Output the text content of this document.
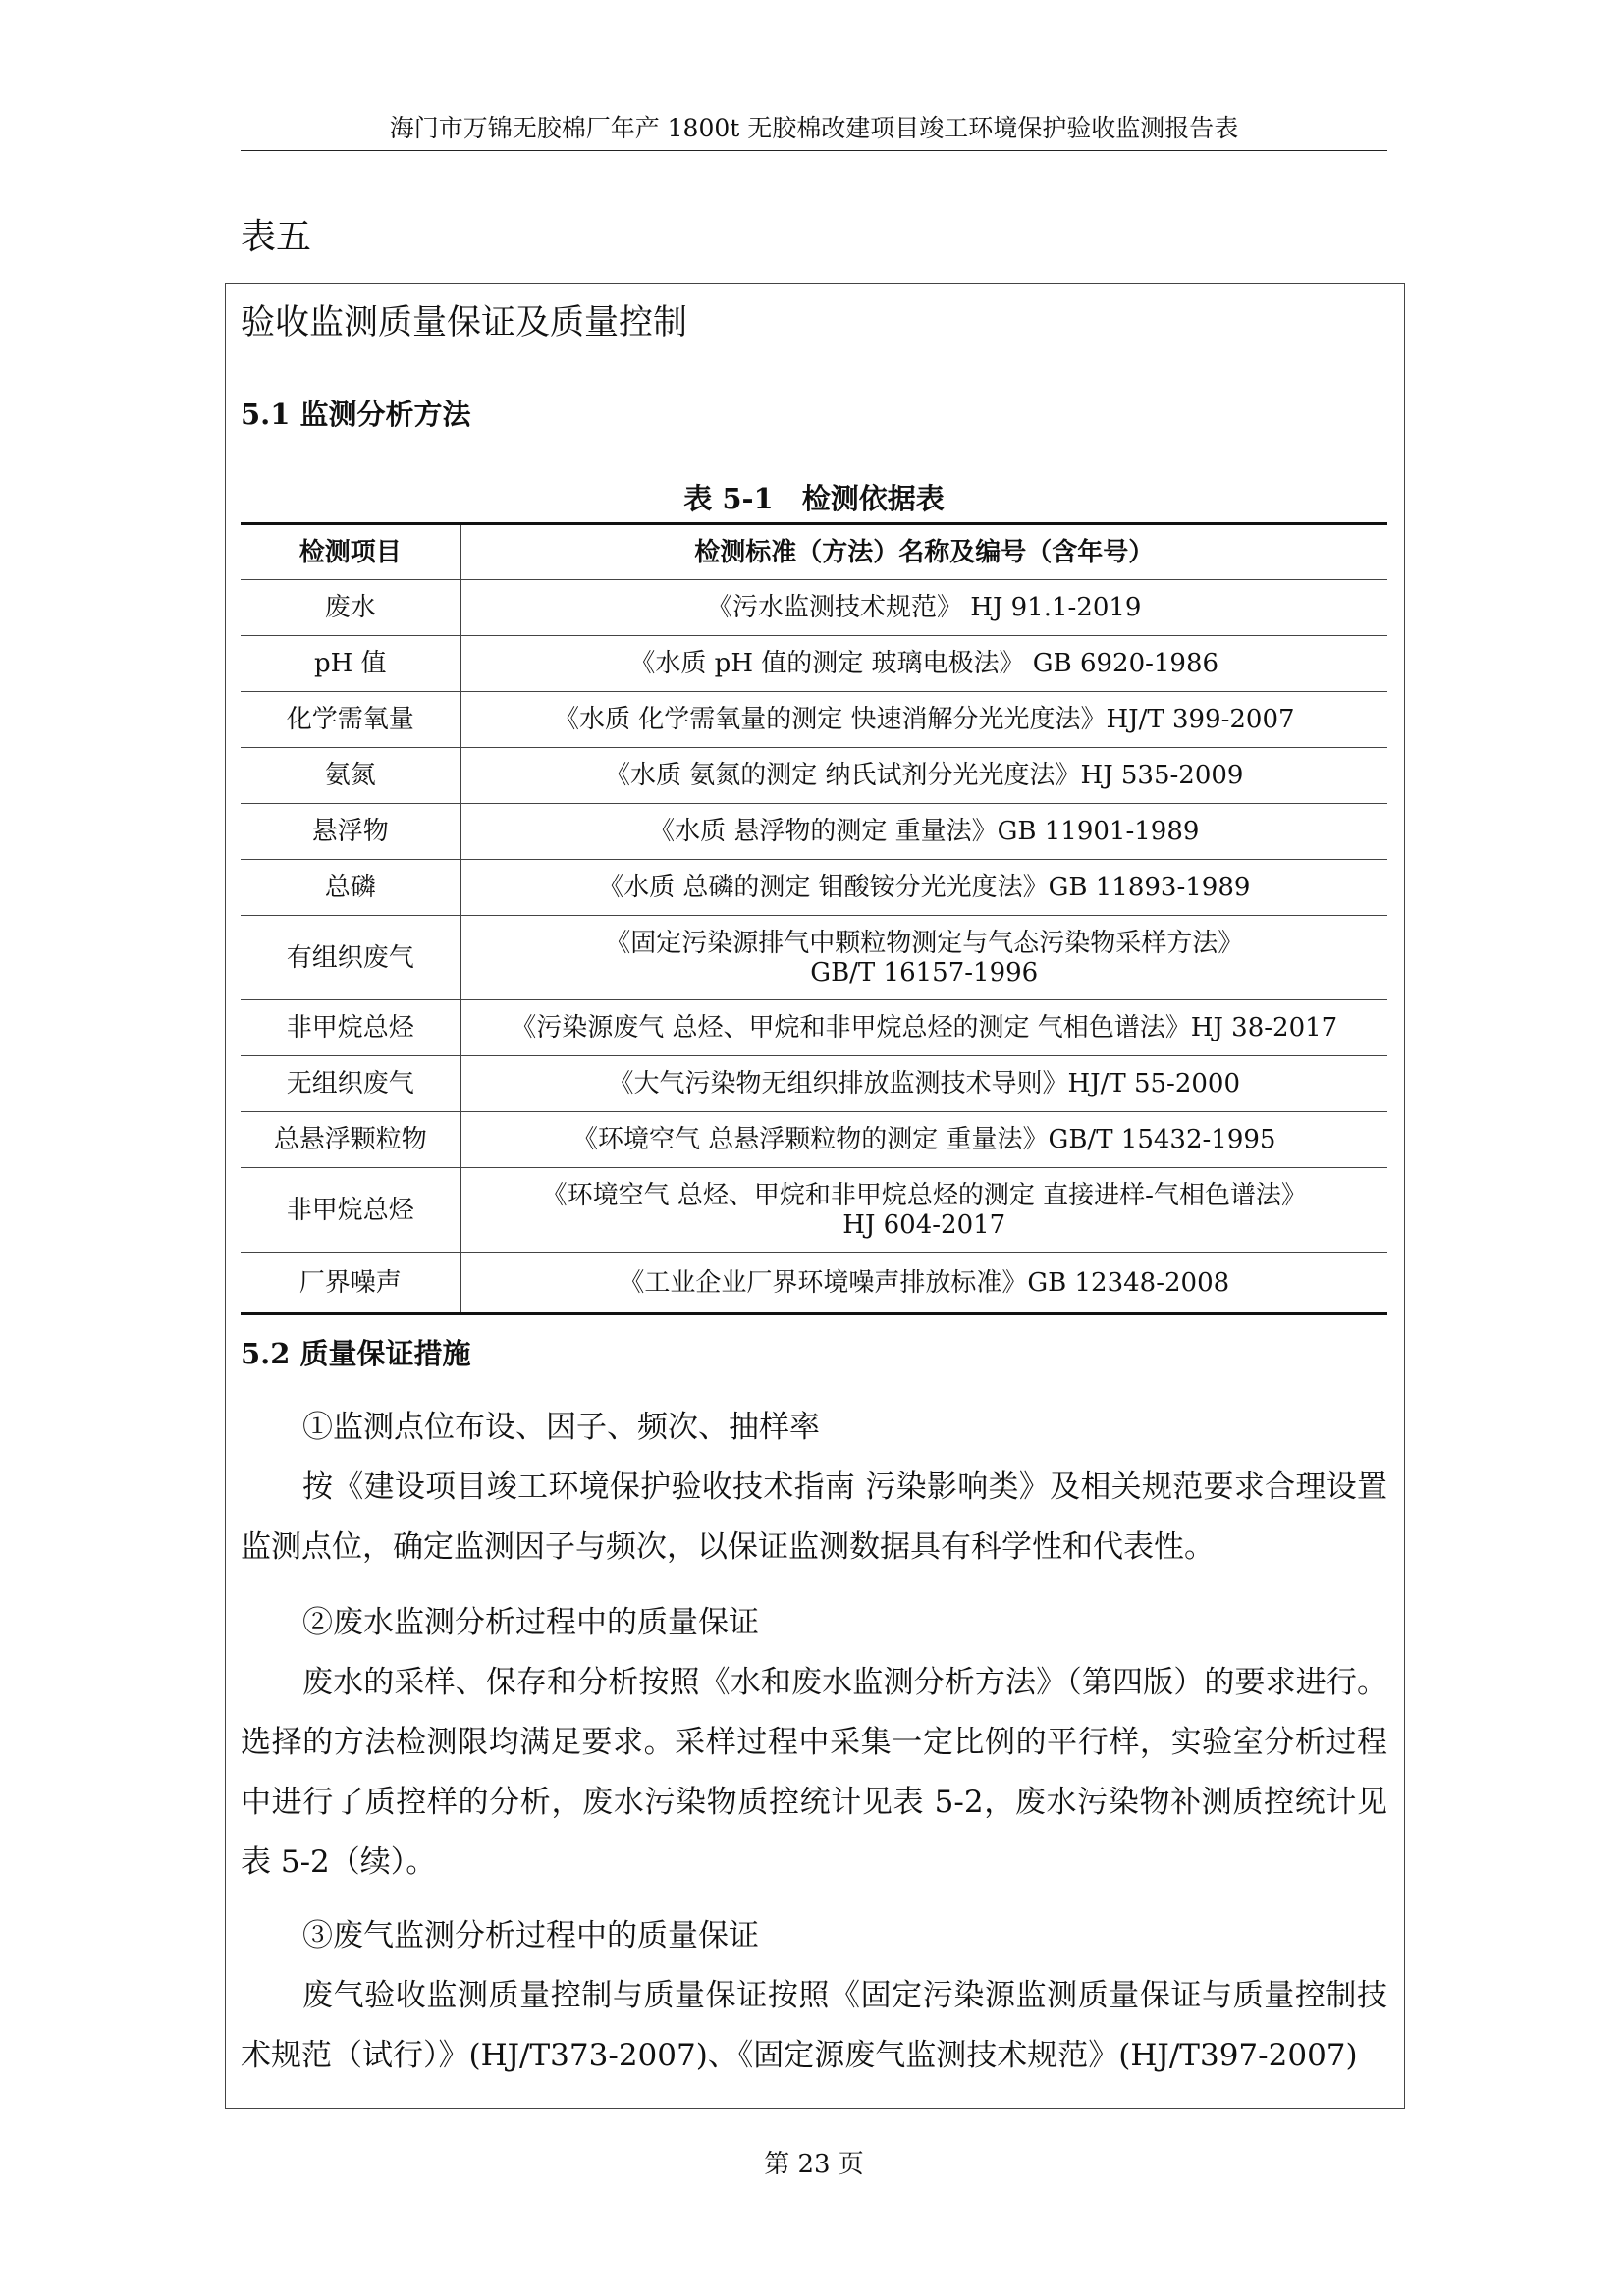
海门市万锦无胶棉厂年产 1800t 无胶棉改建项目竣工环境保护验收监测报告表
表五
验收监测质量保证及质量控制
5.1 监测分析方法
表 5-1　检测依据表
检测项目	检测标准（方法）名称及编号（含年号）
废水	《污水监测技术规范》 HJ 91.1-2019
pH 值	《水质 pH 值的测定 玻璃电极法》 GB 6920-1986
化学需氧量	《水质 化学需氧量的测定 快速消解分光光度法》HJ/T 399-2007
氨氮	《水质 氨氮的测定 纳氏试剂分光光度法》HJ 535-2009
悬浮物	《水质 悬浮物的测定 重量法》GB 11901-1989
总磷	《水质 总磷的测定 钼酸铵分光光度法》GB 11893-1989
有组织废气	《固定污染源排气中颗粒物测定与气态污染物采样方法》
GB/T 16157-1996

非甲烷总烃	《污染源废气 总烃、甲烷和非甲烷总烃的测定 气相色谱法》HJ 38-2017
无组织废气	《大气污染物无组织排放监测技术导则》HJ/T 55-2000
总悬浮颗粒物	《环境空气 总悬浮颗粒物的测定 重量法》GB/T 15432-1995
非甲烷总烃	《环境空气 总烃、甲烷和非甲烷总烃的测定 直接进样-气相色谱法》
HJ 604-2017

厂界噪声	《工业企业厂界环境噪声排放标准》GB 12348-2008
5.2 质量保证措施

①监测点位布设、因子、频次、抽样率

按《建设项目竣工环境保护验收技术指南 污染影响类》及相关规范要求合理设置监测点位，确定监测因子与频次，以保证监测数据具有科学性和代表性。

②废水监测分析过程中的质量保证

废水的采样、保存和分析按照《水和废水监测分析方法》（第四版）的要求进行。选择的方法检测限均满足要求。采样过程中采集一定比例的平行样，实验室分析过程中进行了质控样的分析，废水污染物质控统计见表 5-2，废水污染物补测质控统计见表 5-2（续）。

③废气监测分析过程中的质量保证

废气验收监测质量控制与质量保证按照《固定污染源监测质量保证与质量控制技术规范（试行）》(HJ/T373-2007)、《固定源废气监测技术规范》(HJ/T397-2007)

第 23 页
